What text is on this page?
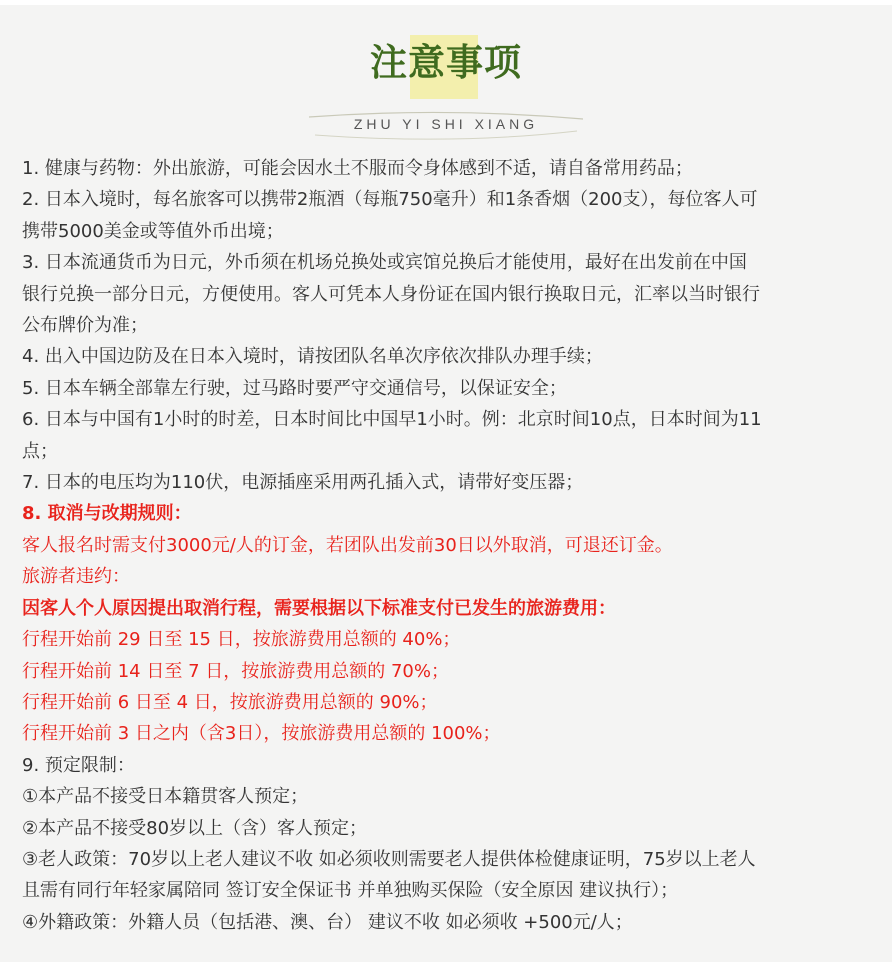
注意事项
ZHU YI SHI XIANG
1. 健康与药物：外出旅游，可能会因水土不服而令身体感到不适，请自备常用药品；
2. 日本入境时，每名旅客可以携带2瓶酒（每瓶750毫升）和1条香烟（200支），每位客人可
携带5000美金或等值外币出境；
3. 日本流通货币为日元，外币须在机场兑换处或宾馆兑换后才能使用，最好在出发前在中国
银行兑换一部分日元，方便使用。客人可凭本人身份证在国内银行换取日元，汇率以当时银行
公布牌价为准；
4. 出入中国边防及在日本入境时，请按团队名单次序依次排队办理手续；
5. 日本车辆全部靠左行驶，过马路时要严守交通信号，以保证安全；
6. 日本与中国有1小时的时差，日本时间比中国早1小时。例：北京时间10点，日本时间为11
点；
7. 日本的电压均为110伏，电源插座采用两孔插入式，请带好变压器；
8. 取消与改期规则：
客人报名时需支付3000元/人的订金，若团队出发前30日以外取消，可退还订金。
旅游者违约：
因客人个人原因提出取消行程，需要根据以下标准支付已发生的旅游费用：
行程开始前 29 日至 15 日，按旅游费用总额的 40%；
行程开始前 14 日至 7 日，按旅游费用总额的 70%；
行程开始前 6 日至 4 日，按旅游费用总额的 90%；
行程开始前 3 日之内（含3日），按旅游费用总额的 100%；
9. 预定限制：
①本产品不接受日本籍贯客人预定；
②本产品不接受80岁以上（含）客人预定；
③老人政策：70岁以上老人建议不收 如必须收则需要老人提供体检健康证明，75岁以上老人
且需有同行年轻家属陪同 签订安全保证书 并单独购买保险（安全原因 建议执行）；
④外籍政策：外籍人员（包括港、澳、台） 建议不收 如必须收 +500元/人；
